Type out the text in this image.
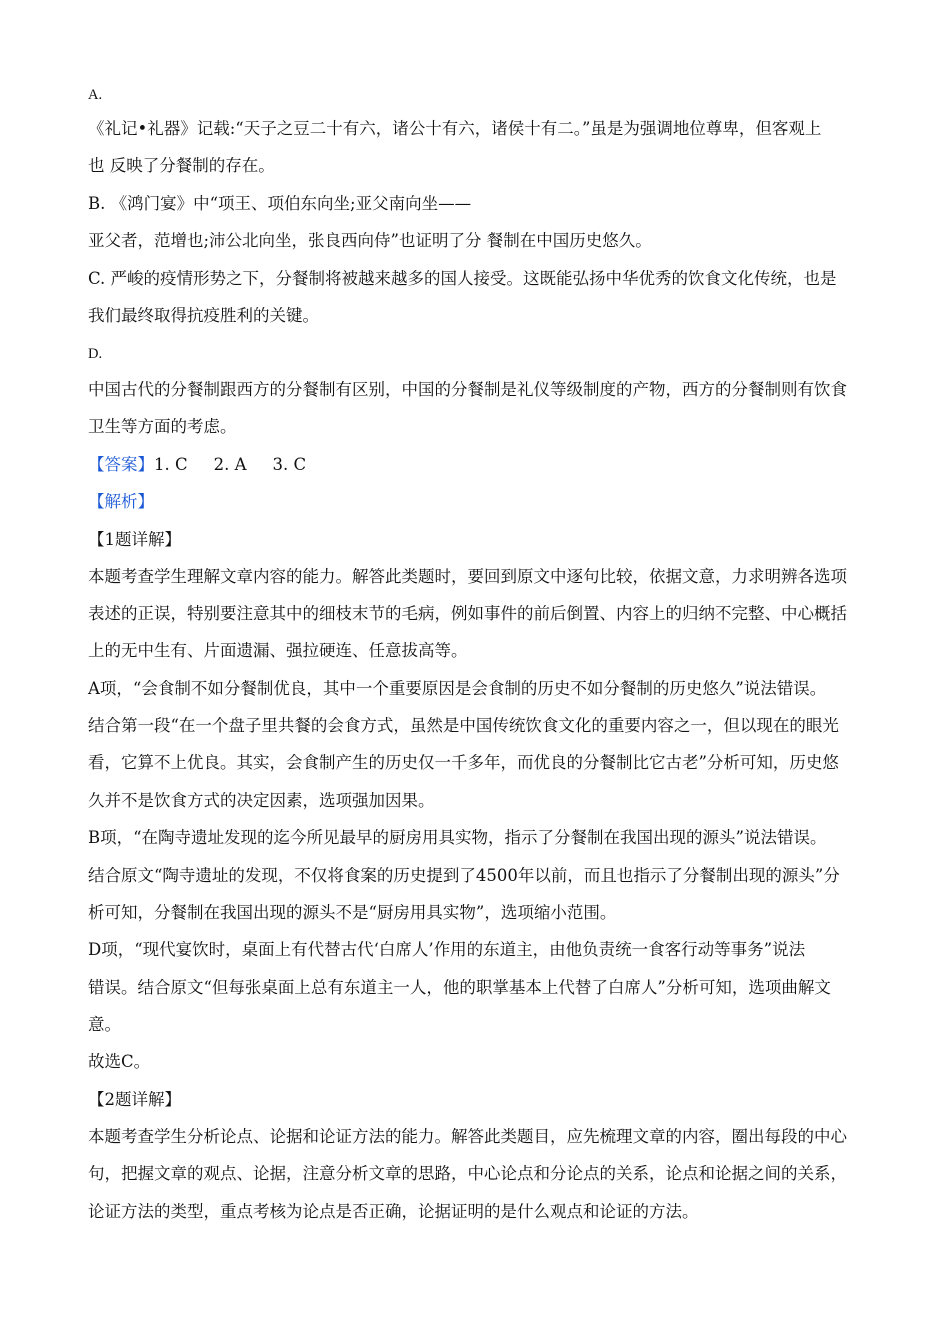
A.
《礼记•礼器》记载:“天子之豆二十有六，诸公十有六，诸侯十有二。”虽是为强调地位尊卑，但客观上
也 反映了分餐制的存在。
B. 《鸿门宴》中“项王、项伯东向坐;亚父南向坐——
亚父者，范增也;沛公北向坐，张良西向侍”也证明了分 餐制在中国历史悠久。
C. 严峻的疫情形势之下，分餐制将被越来越多的国人接受。这既能弘扬中华优秀的饮食文化传统，也是
我们最终取得抗疫胜利的关键。
D.
中国古代的分餐制跟西方的分餐制有区别，中国的分餐制是礼仪等级制度的产物，西方的分餐制则有饮食
卫生等方面的考虑。
【答案】1. C 2. A 3. C
【解析】
【1题详解】
本题考查学生理解文章内容的能力。解答此类题时，要回到原文中逐句比较，依据文意，力求明辨各选项
表述的正误，特别要注意其中的细枝末节的毛病，例如事件的前后倒置、内容上的归纳不完整、中心概括
上的无中生有、片面遗漏、强拉硬连、任意拔高等。
A项，“会食制不如分餐制优良，其中一个重要原因是会食制的历史不如分餐制的历史悠久”说法错误。
结合第一段“在一个盘子里共餐的会食方式，虽然是中国传统饮食文化的重要内容之一，但以现在的眼光
看，它算不上优良。其实，会食制产生的历史仅一千多年，而优良的分餐制比它古老”分析可知，历史悠
久并不是饮食方式的决定因素，选项强加因果。
B项，“在陶寺遗址发现的迄今所见最早的厨房用具实物，指示了分餐制在我国出现的源头”说法错误。
结合原文“陶寺遗址的发现，不仅将食案的历史提到了4500年以前，而且也指示了分餐制出现的源头”分
析可知，分餐制在我国出现的源头不是“厨房用具实物”，选项缩小范围。
D项，“现代宴饮时，桌面上有代替古代‘白席人’作用的东道主，由他负责统一食客行动等事务”说法
错误。结合原文“但每张桌面上总有东道主一人，他的职掌基本上代替了白席人”分析可知，选项曲解文
意。
故选C。
【2题详解】
本题考查学生分析论点、论据和论证方法的能力。解答此类题目，应先梳理文章的内容，圈出每段的中心
句，把握文章的观点、论据，注意分析文章的思路，中心论点和分论点的关系，论点和论据之间的关系，
论证方法的类型，重点考核为论点是否正确，论据证明的是什么观点和论证的方法。
